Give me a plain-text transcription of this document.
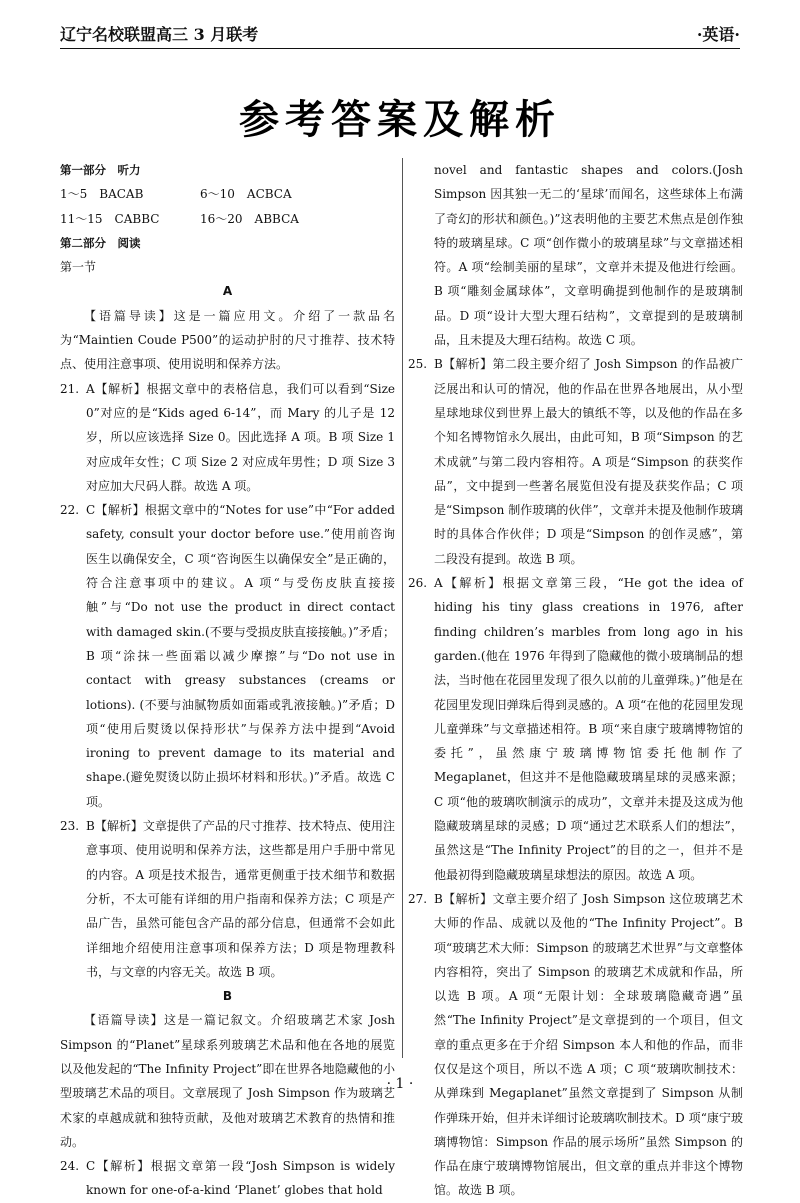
辽宁名校联盟高三 3 月联考	·英语·
参考答案及解析
第一部分　听力
1～5　BACAB	6～10　ACBCA
11～15　CABBC	16～20　ABBCA
第二部分　阅读
第一节
A
【语篇导读】这是一篇应用文。介绍了一款品名为“Maintien Coude P500”的运动护肘的尺寸推荐、技术特点、使用注意事项、使用说明和保养方法。
21. A【解析】根据文章中的表格信息，我们可以看到“Size 0”对应的是“Kids aged 6-14”，而 Mary 的儿子是 12 岁，所以应该选择 Size 0。因此选择 A 项。B 项 Size 1 对应成年女性；C 项 Size 2 对应成年男性；D 项 Size 3 对应加大尺码人群。故选 A 项。
22. C【解析】根据文章中的“Notes for use”中“For added safety, consult your doctor before use.”使用前咨询医生以确保安全，C 项“咨询医生以确保安全”是正确的，符合注意事项中的建议。A 项“与受伤皮肤直接接触”与“Do not use the product in direct contact with damaged skin.(不要与受损皮肤直接接触。)”矛盾；B 项“涂抹一些面霜以减少摩擦”与“Do not use in contact with greasy substances (creams or lotions). (不要与油腻物质如面霜或乳液接触。)”矛盾；D 项“使用后熨烫以保持形状”与保养方法中提到“Avoid ironing to prevent damage to its material and shape.(避免熨烫以防止损坏材料和形状。)”矛盾。故选 C 项。
23. B【解析】文章提供了产品的尺寸推荐、技术特点、使用注意事项、使用说明和保养方法，这些都是用户手册中常见的内容。A 项是技术报告，通常更侧重于技术细节和数据分析，不太可能有详细的用户指南和保养方法；C 项是产品广告，虽然可能包含产品的部分信息，但通常不会如此详细地介绍使用注意事项和保养方法；D 项是物理教科书，与文章的内容无关。故选 B 项。
B
【语篇导读】这是一篇记叙文。介绍玻璃艺术家 Josh Simpson 的“Planet”星球系列玻璃艺术品和他在各地的展览以及他发起的“The Infinity Project”即在世界各地隐藏他的小型玻璃艺术品的项目。文章展现了 Josh Simpson 作为玻璃艺术家的卓越成就和独特贡献，及他对玻璃艺术教育的热情和推动。
24. C【解析】根据文章第一段“Josh Simpson is widely known for one-of-a-kind ‘Planet’ globes that hold
novel and fantastic shapes and colors.(Josh Simpson 因其独一无二的‘星球’而闻名，这些球体上布满了奇幻的形状和颜色。)”这表明他的主要艺术焦点是创作独特的玻璃星球。C 项“创作微小的玻璃星球”与文章描述相符。A 项“绘制美丽的星球”，文章并未提及他进行绘画。B 项“雕刻金属球体”，文章明确提到他制作的是玻璃制品。D 项“设计大型大理石结构”，文章提到的是玻璃制品，且未提及大理石结构。故选 C 项。
25. B【解析】第二段主要介绍了 Josh Simpson 的作品被广泛展出和认可的情况，他的作品在世界各地展出，从小型星球地球仪到世界上最大的镇纸不等，以及他的作品在多个知名博物馆永久展出，由此可知，B 项“Simpson 的艺术成就”与第二段内容相符。A 项是“Simpson 的获奖作品”，文中提到一些著名展览但没有提及获奖作品；C 项是“Simpson 制作玻璃的伙伴”，文章并未提及他制作玻璃时的具体合作伙伴；D 项是“Simpson 的创作灵感”，第二段没有提到。故选 B 项。
26. A【解析】根据文章第三段，“He got the idea of hiding his tiny glass creations in 1976, after finding children’s marbles from long ago in his garden.(他在 1976 年得到了隐藏他的微小玻璃制品的想法，当时他在花园里发现了很久以前的儿童弹珠。)”他是在花园里发现旧弹珠后得到灵感的。A 项“在他的花园里发现儿童弹珠”与文章描述相符。B 项“来自康宁玻璃博物馆的委托”，虽然康宁玻璃博物馆委托他制作了 Megaplanet，但这并不是他隐藏玻璃星球的灵感来源；C 项“他的玻璃吹制演示的成功”，文章并未提及这成为他隐藏玻璃星球的灵感；D 项“通过艺术联系人们的想法”，虽然这是“The Infinity Project”的目的之一，但并不是他最初得到隐藏玻璃星球想法的原因。故选 A 项。
27. B【解析】文章主要介绍了 Josh Simpson 这位玻璃艺术大师的作品、成就以及他的“The Infinity Project”。B 项“玻璃艺术大师：Simpson 的玻璃艺术世界”与文章整体内容相符，突出了 Simpson 的玻璃艺术成就和作品，所以选 B 项。A 项“无限计划：全球玻璃隐藏奇遇”虽然“The Infinity Project”是文章提到的一个项目，但文章的重点更多在于介绍 Simpson 本人和他的作品，而非仅仅是这个项目，所以不选 A 项；C 项“玻璃吹制技术：从弹珠到 Megaplanet”虽然文章提到了 Simpson 从制作弹珠开始，但并未详细讨论玻璃吹制技术。D 项“康宁玻璃博物馆：Simpson 作品的展示场所”虽然 Simpson 的作品在康宁玻璃博物馆展出，但文章的重点并非这个博物馆。故选 B 项。
· 1 ·
